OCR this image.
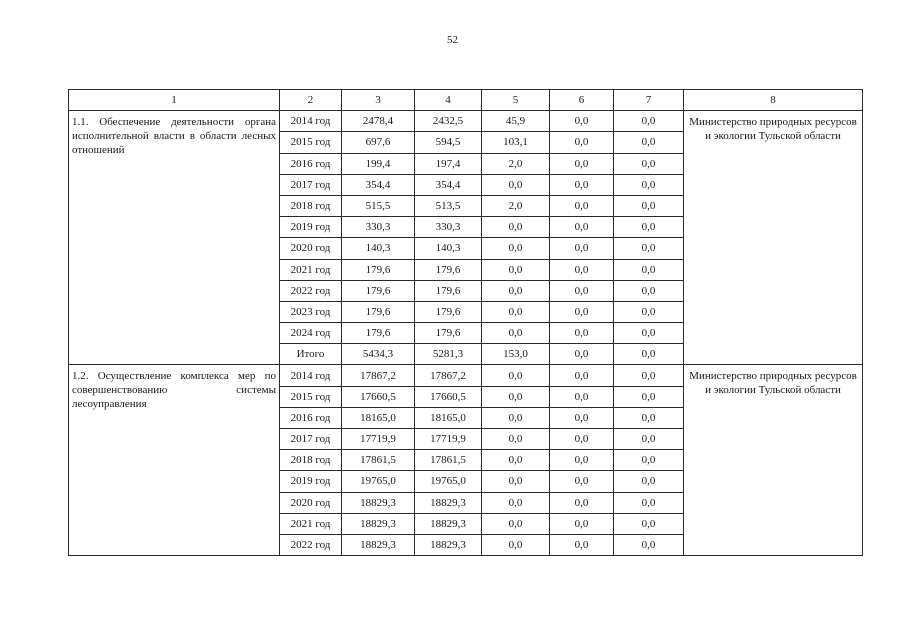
52
1	2	3	4	5	6	7	8
1.1. Обеспечение деятельности органа исполнительной власти в области лесных отношений	2014 год	2478,4	2432,5	45,9	0,0	0,0	Министерство природных ресурсов и экологии Тульской области
	2015 год	697,6	594,5	103,1	0,0	0,0	
	2016 год	199,4	197,4	2,0	0,0	0,0	
	2017 год	354,4	354,4	0,0	0,0	0,0	
	2018 год	515,5	513,5	2,0	0,0	0,0	
	2019 год	330,3	330,3	0,0	0,0	0,0	
	2020 год	140,3	140,3	0,0	0,0	0,0	
	2021 год	179,6	179,6	0,0	0,0	0,0	
	2022 год	179,6	179,6	0,0	0,0	0,0	
	2023 год	179,6	179,6	0,0	0,0	0,0	
	2024 год	179,6	179,6	0,0	0,0	0,0	
	Итого	5434,3	5281,3	153,0	0,0	0,0	
1.2. Осуществление комплекса мер по совершенствованию системы лесоуправления	2014 год	17867,2	17867,2	0,0	0,0	0,0	Министерство природных ресурсов и экологии Тульской области
	2015 год	17660,5	17660,5	0,0	0,0	0,0	
	2016 год	18165,0	18165,0	0,0	0,0	0,0	
	2017 год	17719,9	17719,9	0,0	0,0	0,0	
	2018 год	17861,5	17861,5	0,0	0,0	0,0	
	2019 год	19765,0	19765,0	0,0	0,0	0,0	
	2020 год	18829,3	18829,3	0,0	0,0	0,0	
	2021 год	18829,3	18829,3	0,0	0,0	0,0	
	2022 год	18829,3	18829,3	0,0	0,0	0,0	
